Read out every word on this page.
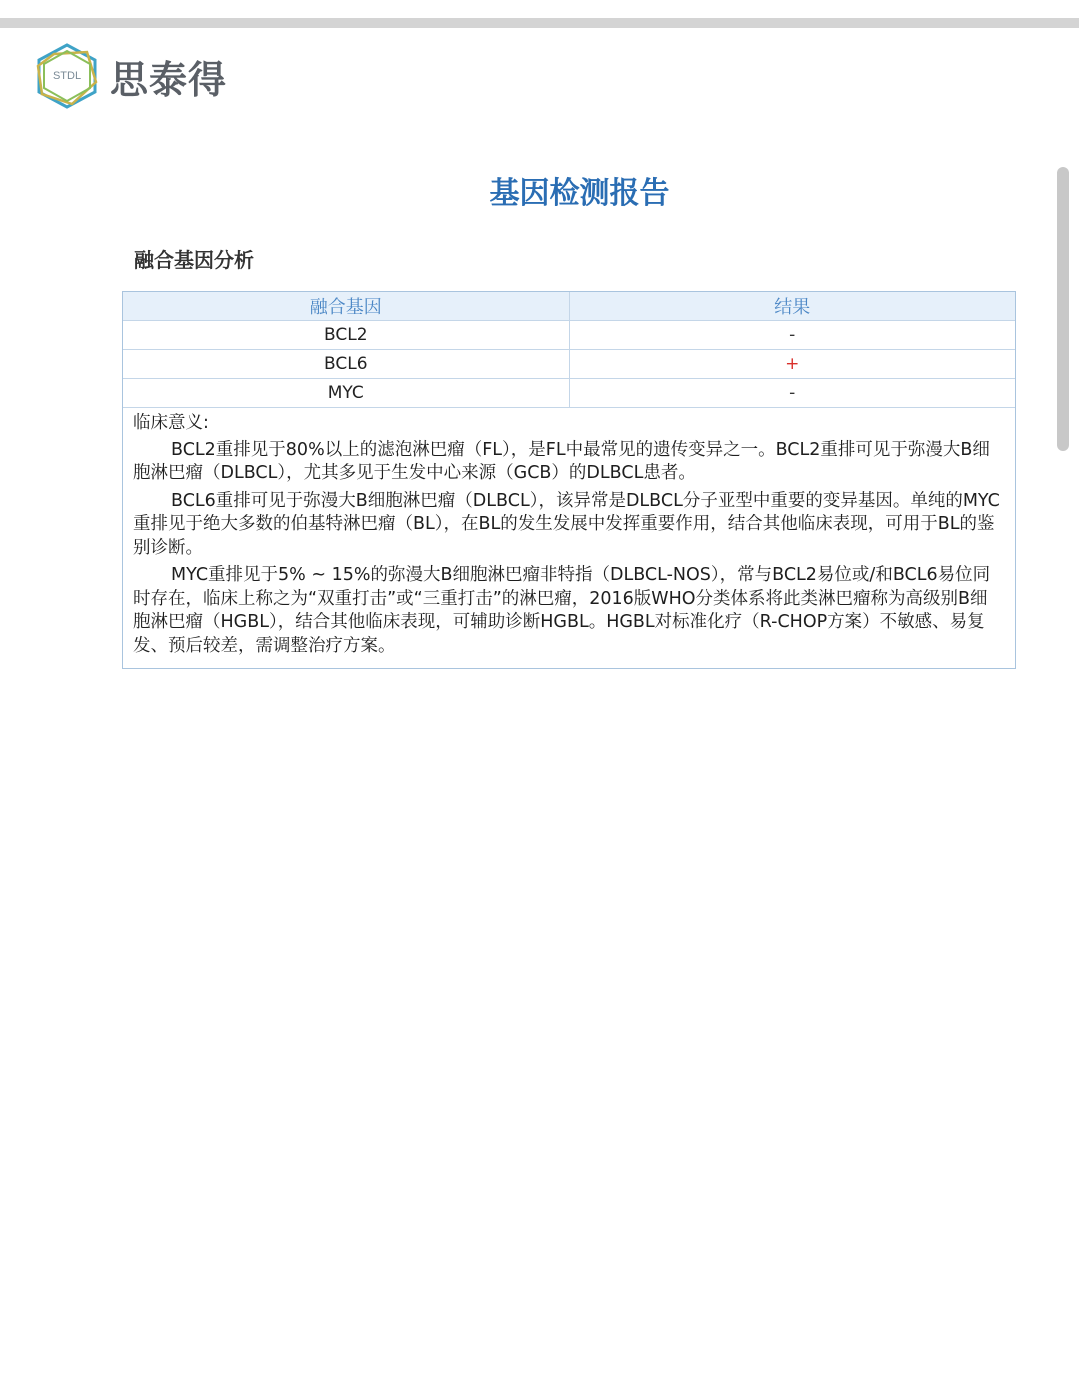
STDL 思泰得
基因检测报告
融合基因分析
融合基因	结果
BCL2	-
BCL6	+
MYC	-
临床意义:

BCL2重排见于80%以上的滤泡淋巴瘤（FL），是FL中最常见的遗传变异之一。BCL2重排可见于弥漫大B细胞淋巴瘤（DLBCL），尤其多见于生发中心来源（GCB）的DLBCL患者。

BCL6重排可见于弥漫大B细胞淋巴瘤（DLBCL），该异常是DLBCL分子亚型中重要的变异基因。单纯的MYC重排见于绝大多数的伯基特淋巴瘤（BL），在BL的发生发展中发挥重要作用，结合其他临床表现，可用于BL的鉴别诊断。

MYC重排见于5% ~ 15%的弥漫大B细胞淋巴瘤非特指（DLBCL-NOS），常与BCL2易位或/和BCL6易位同时存在，临床上称之为“双重打击”或“三重打击”的淋巴瘤，2016版WHO分类体系将此类淋巴瘤称为高级别B细胞淋巴瘤（HGBL），结合其他临床表现，可辅助诊断HGBL。HGBL对标准化疗（R-CHOP方案）不敏感、易复发、预后较差，需调整治疗方案。
